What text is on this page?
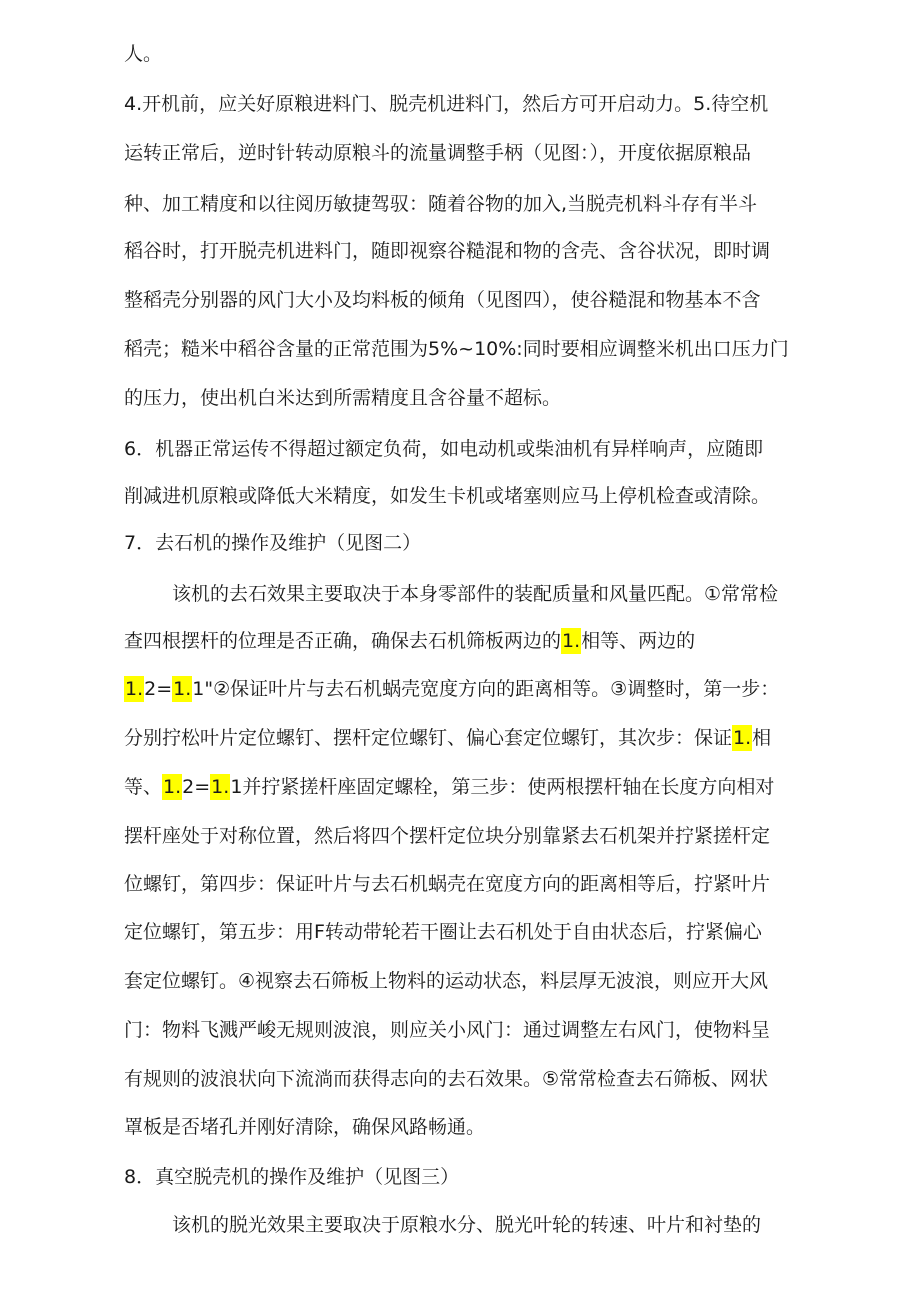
人。

4.开机前，应关好原粮进料门、脱壳机进料门，然后方可开启动力。5.待空机

运转正常后，逆时针转动原粮斗的流量调整手柄（见图：），开度依据原粮品

种、加工精度和以往阅历敏捷驾驭：随着谷物的加入,当脱壳机料斗存有半斗

稻谷时，打开脱壳机进料门，随即视察谷糙混和物的含壳、含谷状况，即时调

整稻壳分别器的风门大小及均料板的倾角（见图四），使谷糙混和物基本不含

稻壳；糙米中稻谷含量的正常范围为5%~10%:同时要相应调整米机出口压力门

的压力，使出机白米达到所需精度且含谷量不超标。

6．机器正常运传不得超过额定负荷，如电动机或柴油机有异样响声，应随即

削减进机原粮或降低大米精度，如发生卡机或堵塞则应马上停机检查或清除。

7．去石机的操作及维护（见图二）

该机的去石效果主要取决于本身零部件的装配质量和风量匹配。①常常检

查四根摆杆的位理是否正确，确保去石机筛板两边的1.相等、两边的

1.2=1.1"②保证叶片与去石机蜗壳宽度方向的距离相等。③调整时，第一步：

分别拧松叶片定位螺钉、摆杆定位螺钉、偏心套定位螺钉，其次步：保证1.相

等、1.2=1.1并拧紧搓杆座固定螺栓，第三步：使两根摆杆轴在长度方向相对

摆杆座处于对称位置，然后将四个摆杆定位块分别靠紧去石机架并拧紧搓杆定

位螺钉，第四步：保证叶片与去石机蜗壳在宽度方向的距离相等后，拧紧叶片

定位螺钉，第五步：用F转动带轮若干圈让去石机处于自由状态后，拧紧偏心

套定位螺钉。④视察去石筛板上物料的运动状态，料层厚无波浪，则应开大风

门：物料飞溅严峻无规则波浪，则应关小风门：通过调整左右风门，使物料呈

有规则的波浪状向下流淌而获得志向的去石效果。⑤常常检查去石筛板、网状

罩板是否堵孔并刚好清除，确保风路畅通。

8．真空脱壳机的操作及维护（见图三）

该机的脱光效果主要取决于原粮水分、脱光叶轮的转速、叶片和衬垫的
